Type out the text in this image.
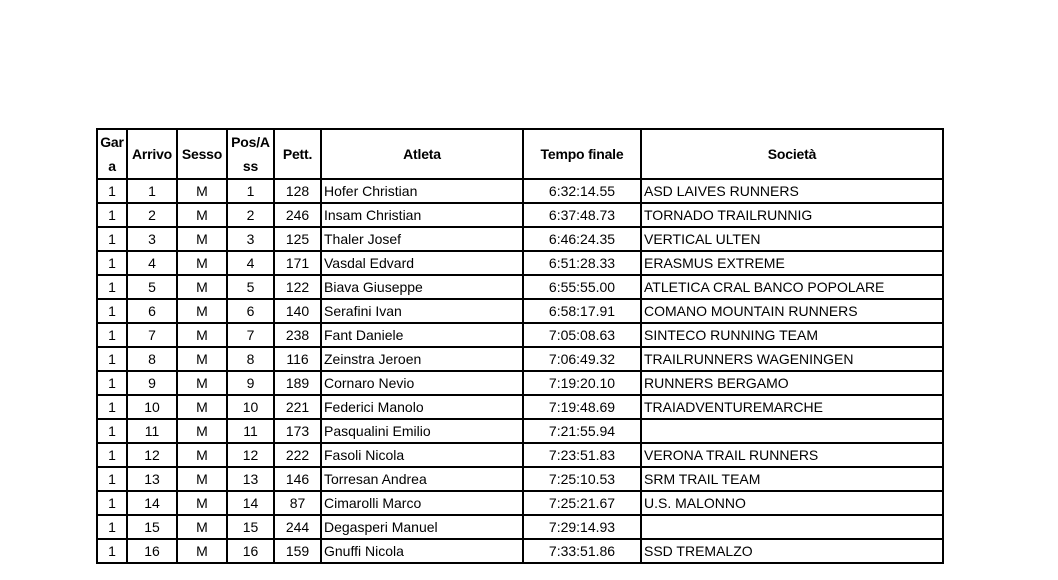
Gara	Arrivo	Sesso	Pos/Ass	Pett.	Atleta	Tempo finale	Società
1	1	M	1	128	Hofer Christian	6:32:14.55	ASD LAIVES RUNNERS
1	2	M	2	246	Insam Christian	6:37:48.73	TORNADO TRAILRUNNIG
1	3	M	3	125	Thaler Josef	6:46:24.35	VERTICAL ULTEN
1	4	M	4	171	Vasdal Edvard	6:51:28.33	ERASMUS EXTREME
1	5	M	5	122	Biava Giuseppe	6:55:55.00	ATLETICA CRAL BANCO POPOLARE
1	6	M	6	140	Serafini Ivan	6:58:17.91	COMANO MOUNTAIN RUNNERS
1	7	M	7	238	Fant Daniele	7:05:08.63	SINTECO RUNNING TEAM
1	8	M	8	116	Zeinstra Jeroen	7:06:49.32	TRAILRUNNERS WAGENINGEN
1	9	M	9	189	Cornaro Nevio	7:19:20.10	RUNNERS BERGAMO
1	10	M	10	221	Federici Manolo	7:19:48.69	TRAIADVENTUREMARCHE
1	11	M	11	173	Pasqualini Emilio	7:21:55.94	
1	12	M	12	222	Fasoli Nicola	7:23:51.83	VERONA TRAIL RUNNERS
1	13	M	13	146	Torresan Andrea	7:25:10.53	SRM TRAIL TEAM
1	14	M	14	87	Cimarolli Marco	7:25:21.67	U.S. MALONNO
1	15	M	15	244	Degasperi Manuel	7:29:14.93	
1	16	M	16	159	Gnuffi Nicola	7:33:51.86	SSD TREMALZO
